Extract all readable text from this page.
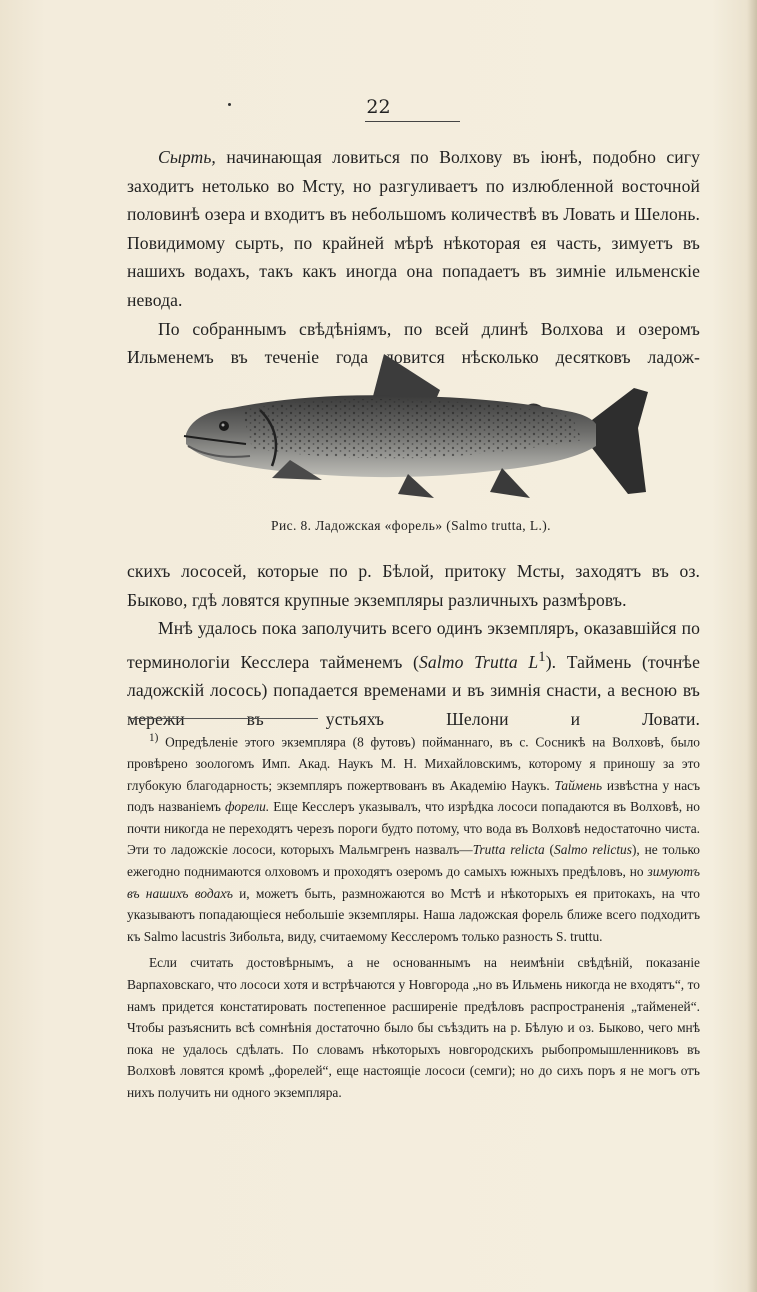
22

Сырть, начинающая ловиться по Волхову въ іюнѣ, подобно сигу заходитъ нетолько во Мсту, но разгуливаетъ по излюбленной восточной половинѣ озера и входитъ въ небольшомъ количествѣ въ Ловать и Шелонь. Повидимому сырть, по крайней мѣрѣ нѣкоторая ея часть, зимуетъ въ нашихъ водахъ, такъ какъ иногда она попадаетъ въ зимніе ильменскіе невода.

По собраннымъ свѣдѣніямъ, по всей длинѣ Волхова и озеромъ Ильменемъ въ теченіе года ловится нѣсколько десятковъ ладож-

Рис. 8. Ладожская «форель» (Salmo trutta, L.).

скихъ лососей, которые по р. Бѣлой, притоку Мсты, заходятъ въ оз. Быково, гдѣ ловятся крупные экземпляры различныхъ размѣровъ.

Мнѣ удалось пока заполучить всего одинъ экземпляръ, оказавшійся по терминологіи Кесслера тайменемъ (Salmo Trutta $L^1$). Таймень (точнѣе ладожскій лосось) попадается временами и въ зимнія снасти, а весною въ мережи въ устьяхъ Шелони и Ловати.

$^{1)}$ Опредѣленіе этого экземпляра (8 футовъ) пойманнаго, въ с. Сосникѣ на Волховѣ, было провѣрено зоологомъ Имп. Акад. Наукъ М. Н. Михайловскимъ, которому я приношу за это глубокую благодарность; экземпляръ пожертвованъ въ Академію Наукъ. Таймень извѣстна у насъ подъ названіемъ форели. Еще Кесслеръ указывалъ, что изрѣдка лососи попадаются въ Волховѣ, но почти никогда не переходятъ черезъ пороги будто потому, что вода въ Волховѣ недостаточно чиста. Эти то ладожскіе лососи, которыхъ Мальмгренъ назвалъ—Trutta relicta (Salmo relictus), не только ежегодно поднимаются олховомъ и проходятъ озеромъ до самыхъ южныхъ предѣловъ, но зимуютъ въ нашихъ водахъ и, можетъ быть, размножаются во Мстѣ и нѣкоторыхъ ея притокахъ, на что указываютъ попадающіеся небольшіе экземпляры. Наша ладожская форель ближе всего подходитъ къ Salmo lacustris Зибольта, виду, считаемому Кесслеромъ только разность S. truttu.

Если считать достовѣрнымъ, а не основаннымъ на неимѣніи свѣдѣній, показаніе Варпаховскаго, что лососи хотя и встрѣчаются у Новгорода „но въ Ильмень никогда не входятъ“, то намъ придется констатировать постепенное расширеніе предѣловъ распространенія „тайменей“. Чтобы разъяснить всѣ сомнѣнія достаточно было бы съѣздить на р. Бѣлую и оз. Быково, чего мнѣ пока не удалось сдѣлать. По словамъ нѣкоторыхъ новгородскихъ рыбопромышленниковъ въ Волховѣ ловятся кромѣ „форелей“, еще настоящіе лососи (семги); но до сихъ поръ я не могъ отъ нихъ получить ни одного экземпляра.
